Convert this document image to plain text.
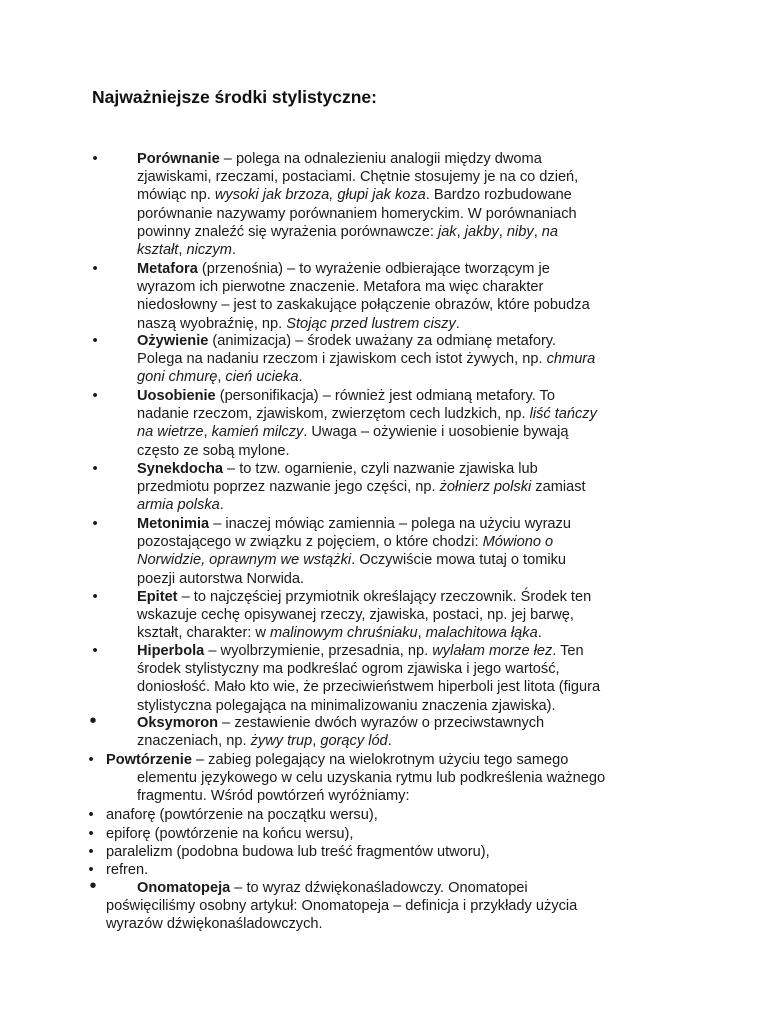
Najważniejsze środki stylistyczne:
•	Porównanie – polega na odnalezieniu analogii między dwoma
zjawiskami, rzeczami, postaciami. Chętnie stosujemy je na co dzień,
mówiąc np. wysoki jak brzoza, głupi jak koza. Bardzo rozbudowane
porównanie nazywamy porównaniem homeryckim. W porównaniach
powinny znaleźć się wyrażenia porównawcze: jak, jakby, niby, na
kształt, niczym.
•	Metafora (przenośnia) – to wyrażenie odbierające tworzącym je
wyrazom ich pierwotne znaczenie. Metafora ma więc charakter
niedosłowny – jest to zaskakujące połączenie obrazów, które pobudza
naszą wyobraźnię, np. Stojąc przed lustrem ciszy.
•	Ożywienie (animizacja) – środek uważany za odmianę metafory.
Polega na nadaniu rzeczom i zjawiskom cech istot żywych, np. chmura
goni chmurę, cień ucieka.
•	Uosobienie (personifikacja) – również jest odmianą metafory. To
nadanie rzeczom, zjawiskom, zwierzętom cech ludzkich, np. liść tańczy
na wietrze, kamień milczy. Uwaga – ożywienie i uosobienie bywają
często ze sobą mylone.
•	Synekdocha – to tzw. ogarnienie, czyli nazwanie zjawiska lub
przedmiotu poprzez nazwanie jego części, np. żołnierz polski zamiast
armia polska.
•	Metonimia – inaczej mówiąc zamiennia – polega na użyciu wyrazu
pozostającego w związku z pojęciem, o które chodzi: Mówiono o
Norwidzie, oprawnym we wstążki. Oczywiście mowa tutaj o tomiku
poezji autorstwa Norwida.
•	Epitet – to najczęściej przymiotnik określający rzeczownik. Środek ten
wskazuje cechę opisywanej rzeczy, zjawiska, postaci, np. jej barwę,
kształt, charakter: w malinowym chruśniaku, malachitowa łąka.
•	Hiperbola – wyolbrzymienie, przesadnia, np. wylałam morze łez. Ten
środek stylistyczny ma podkreślać ogrom zjawiska i jego wartość,
doniosłość. Mało kto wie, że przeciwieństwem hiperboli jest litota (figura
stylistyczna polegająca na minimalizowaniu znaczenia zjawiska).
•	Oksymoron – zestawienie dwóch wyrazów o przeciwstawnych
znaczeniach, np. żywy trup, gorący lód.
• Powtórzenie – zabieg polegający na wielokrotnym użyciu tego samego
elementu językowego w celu uzyskania rytmu lub podkreślenia ważnego
fragmentu. Wśród powtórzeń wyróżniamy:
• anaforę (powtórzenie na początku wersu),
• epiforę (powtórzenie na końcu wersu),
• paralelizm (podobna budowa lub treść fragmentów utworu),
• refren.
•	Onomatopeja – to wyraz dźwiękonaśladowczy. Onomatopei
poświęciliśmy osobny artykuł: Onomatopeja – definicja i przykłady użycia
wyrazów dźwiękonaśladowczych.
